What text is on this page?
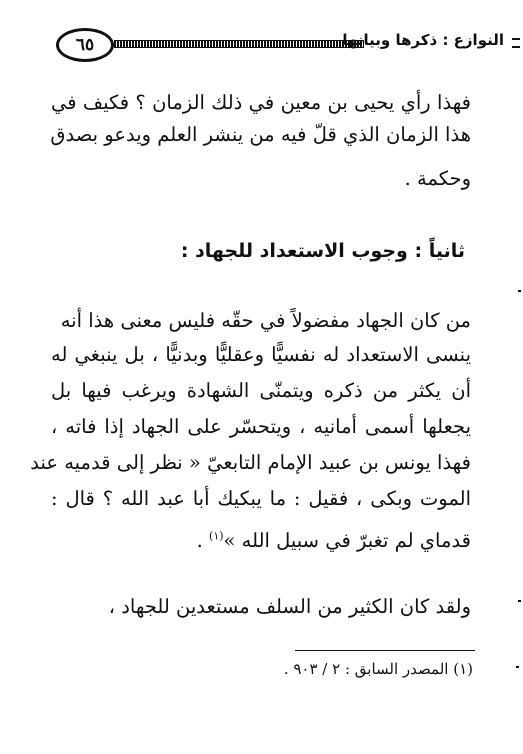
٦٥	النوازع : ذكرها وبيانها
فهذا رأي يحيى بن معين في ذلك الزمان ؟ فكيف في
هذا الزمان الذي قلّ فيه من ينشر العلم ويدعو بصدق
وحكمة .
ثانياً : وجوب الاستعداد للجهاد :
من كان الجهاد مفضولاً في حقّه فليس معنى هذا أنه
ينسى الاستعداد له نفسيًّا وعقليًّا وبدنيًّا ، بل ينبغي له
أن يكثر من ذكره ويتمنّى الشهادة ويرغب فيها بل
يجعلها أسمى أمانيه ، ويتحسّر على الجهاد إذا فاته ،
فهذا يونس بن عبيد الإمام التابعيّ « نظر إلى قدميه عند
الموت وبكى ، فقيل : ما يبكيك أبا عبد الله ؟ قال :
قدماي لم تغبرّ في سبيل الله »$^{(١)}$ .
ولقد كان الكثير من السلف مستعدين للجهاد ،
(١) المصدر السابق : ٢ / ٩٠٣ .
